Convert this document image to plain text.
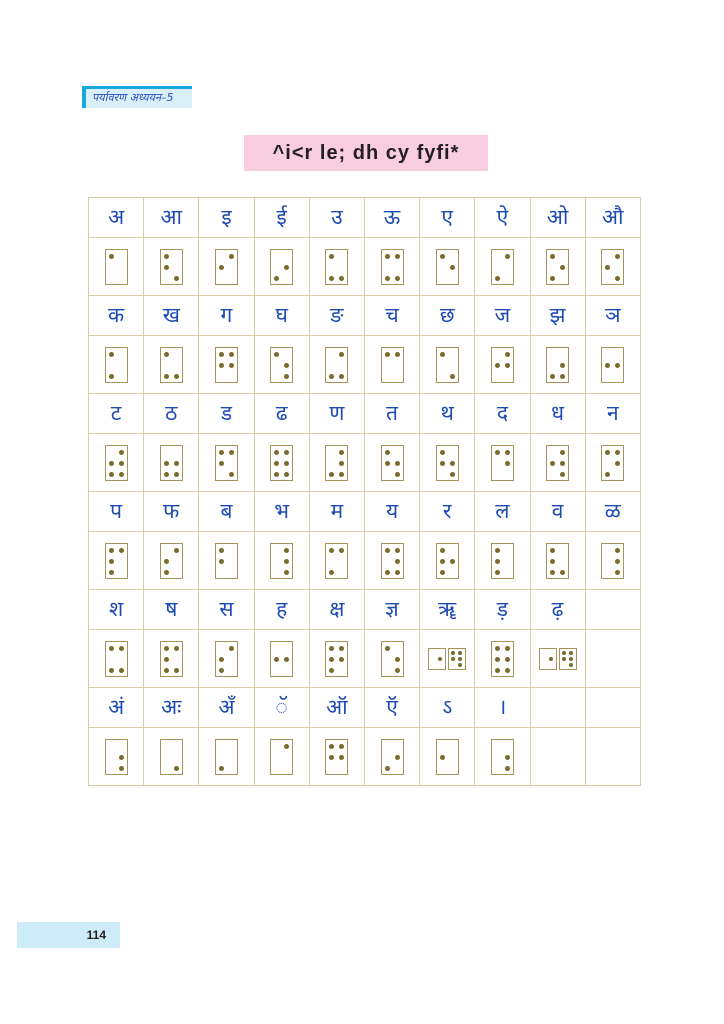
पर्यावरण अध्ययन–5
^i<r le; dh cy fyfi*
अ आ इ ई उ ऊ ए ऐ ओ औ
क ख ग घ ङ च छ ज झ ञ
ट ठ ड ढ ण त थ द ध न
प फ ब भ म य र ल व ळ
श ष स ह क्ष ज्ञ ॠ ड़ ढ़
अं अः अँ ॅ ऑ ऍ ऽ ।
114
